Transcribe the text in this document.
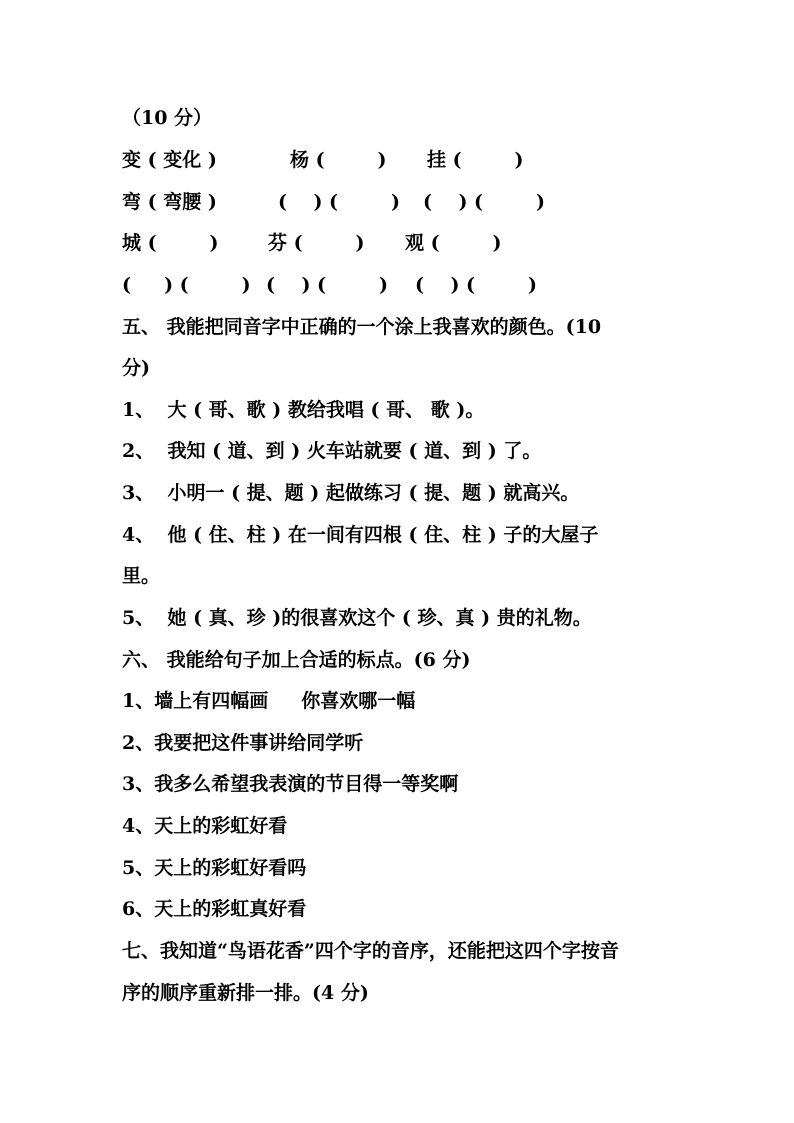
（10 分）
变 ( 变化 )	杨 (        ) 挂 (        )
弯 ( 弯腰 )	(    ) (        ) (    ) (        )
城 (        )	芬 (        ) 观 (        )
(     ) (        ) (    ) (        ) (    ) (        )
五、 我能把同音字中正确的一个涂上我喜欢的颜色。(10
分)
1、  大 ( 哥、歌 ) 教给我唱 ( 哥、 歌 )。
2、  我知 ( 道、到 ) 火车站就要 ( 道、到 ) 了。
3、  小明一 ( 提、题 ) 起做练习 ( 提、题 ) 就高兴。
4、  他 ( 住、柱 ) 在一间有四根 ( 住、柱 ) 子的大屋子
里。
5、  她 ( 真、珍 )的很喜欢这个 ( 珍、真 ) 贵的礼物。
六、 我能给句子加上合适的标点。(6 分)
1、墙上有四幅画     你喜欢哪一幅
2、我要把这件事讲给同学听
3、我多么希望我表演的节目得一等奖啊
4、天上的彩虹好看
5、天上的彩虹好看吗
6、天上的彩虹真好看
七、我知道“鸟语花香”四个字的音序，还能把这四个字按音
序的顺序重新排一排。(4 分)
